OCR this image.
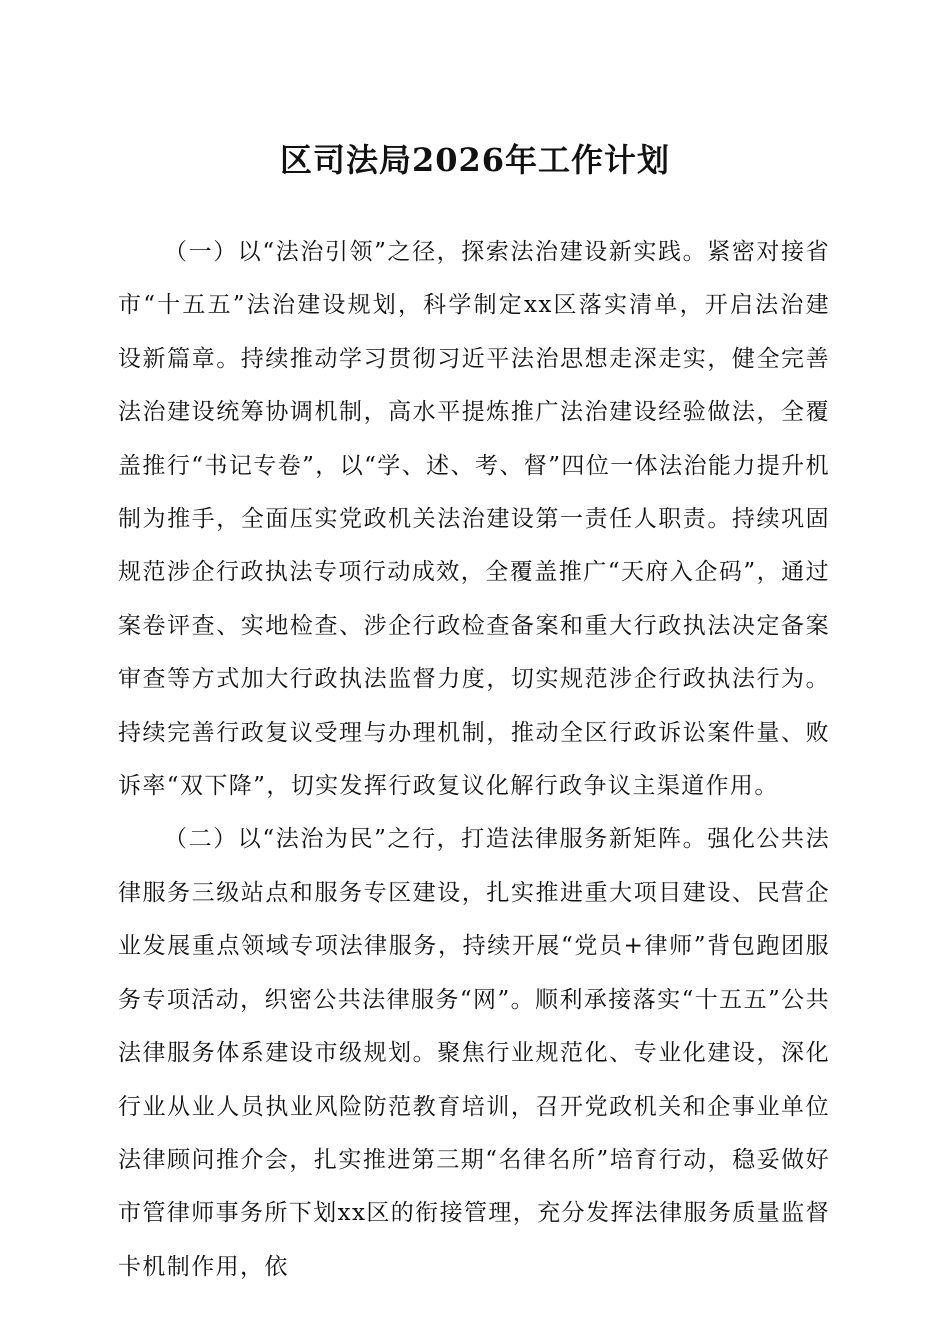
区司法局2026年工作计划

（一）以“法治引领”之径，探索法治建设新实践。紧密对接省市“十五五”法治建设规划，科学制定xx区落实清单，开启法治建设新篇章。持续推动学习贯彻习近平法治思想走深走实，健全完善法治建设统筹协调机制，高水平提炼推广法治建设经验做法，全覆盖推行“书记专卷”，以“学、述、考、督”四位一体法治能力提升机制为推手，全面压实党政机关法治建设第一责任人职责。持续巩固规范涉企行政执法专项行动成效，全覆盖推广“天府入企码”，通过案卷评查、实地检查、涉企行政检查备案和重大行政执法决定备案审查等方式加大行政执法监督力度，切实规范涉企行政执法行为。持续完善行政复议受理与办理机制，推动全区行政诉讼案件量、败诉率“双下降”，切实发挥行政复议化解行政争议主渠道作用。

（二）以“法治为民”之行，打造法律服务新矩阵。强化公共法律服务三级站点和服务专区建设，扎实推进重大项目建设、民营企业发展重点领域专项法律服务，持续开展“党员+律师”背包跑团服务专项活动，织密公共法律服务“网”。顺利承接落实“十五五”公共法律服务体系建设市级规划。聚焦行业规范化、专业化建设，深化行业从业人员执业风险防范教育培训，召开党政机关和企事业单位法律顾问推介会，扎实推进第三期“名律名所”培育行动，稳妥做好市管律师事务所下划xx区的衔接管理，充分发挥法律服务质量监督卡机制作用，依
